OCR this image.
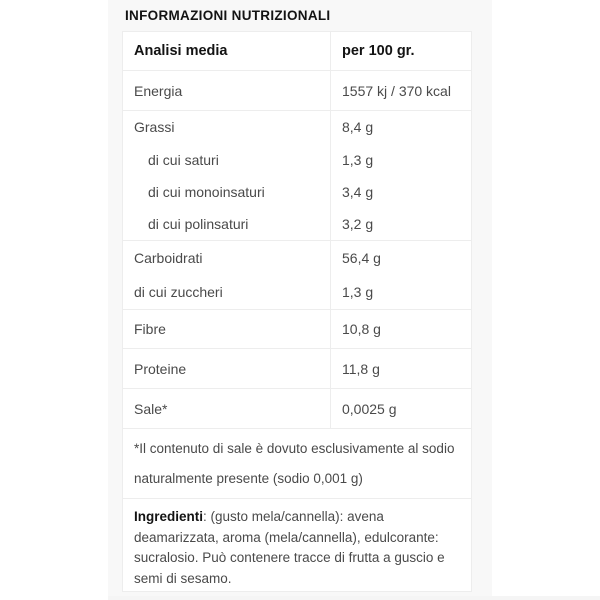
INFORMAZIONI NUTRIZIONALI
Analisi media	per 100 gr.
Energia	1557 kj / 370 kcal
Grassi	8,4 g
di cui saturi	1,3 g
di cui monoinsaturi	3,4 g
di cui polinsaturi	3,2 g
Carboidrati	56,4 g
di cui zuccheri	1,3 g
Fibre	10,8 g
Proteine	11,8 g
Sale*	0,0025 g
*Il contenuto di sale è dovuto esclusivamente al sodio naturalmente presente (sodio 0,001 g)
Ingredienti: (gusto mela/cannella): avena deamarizzata, aroma (mela/cannella), edulcorante: sucralosio. Può contenere tracce di frutta a guscio e semi di sesamo.
